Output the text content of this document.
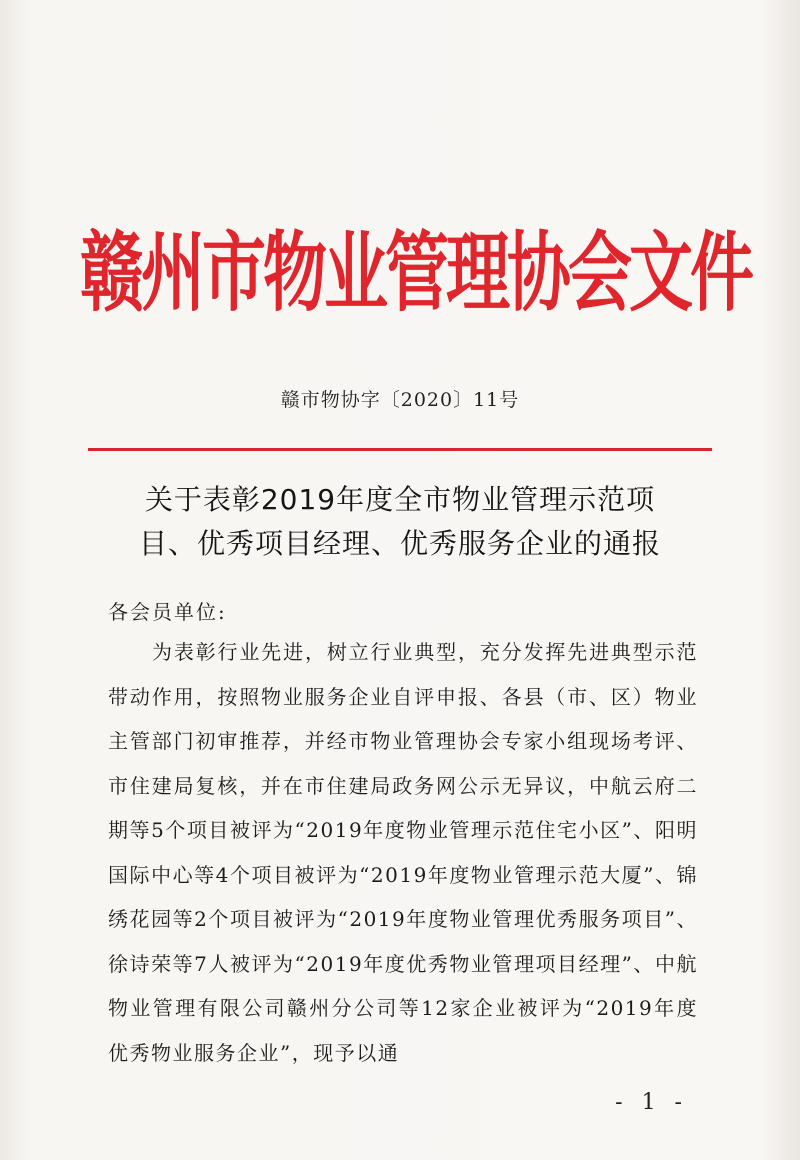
赣州市物业管理协会文件
赣市物协字〔2020〕11号
关于表彰2019年度全市物业管理示范项
目、优秀项目经理、优秀服务企业的通报
各会员单位:
为表彰行业先进，树立行业典型，充分发挥先进典型示范带动作用，按照物业服务企业自评申报、各县（市、区）物业主管部门初审推荐，并经市物业管理协会专家小组现场考评、市住建局复核，并在市住建局政务网公示无异议，中航云府二期等5个项目被评为“2019年度物业管理示范住宅小区”、阳明国际中心等4个项目被评为“2019年度物业管理示范大厦”、锦绣花园等2个项目被评为“2019年度物业管理优秀服务项目”、徐诗荣等7人被评为“2019年度优秀物业管理项目经理”、中航物业管理有限公司赣州分公司等12家企业被评为“2019年度优秀物业服务企业”，现予以通
- 1 -
